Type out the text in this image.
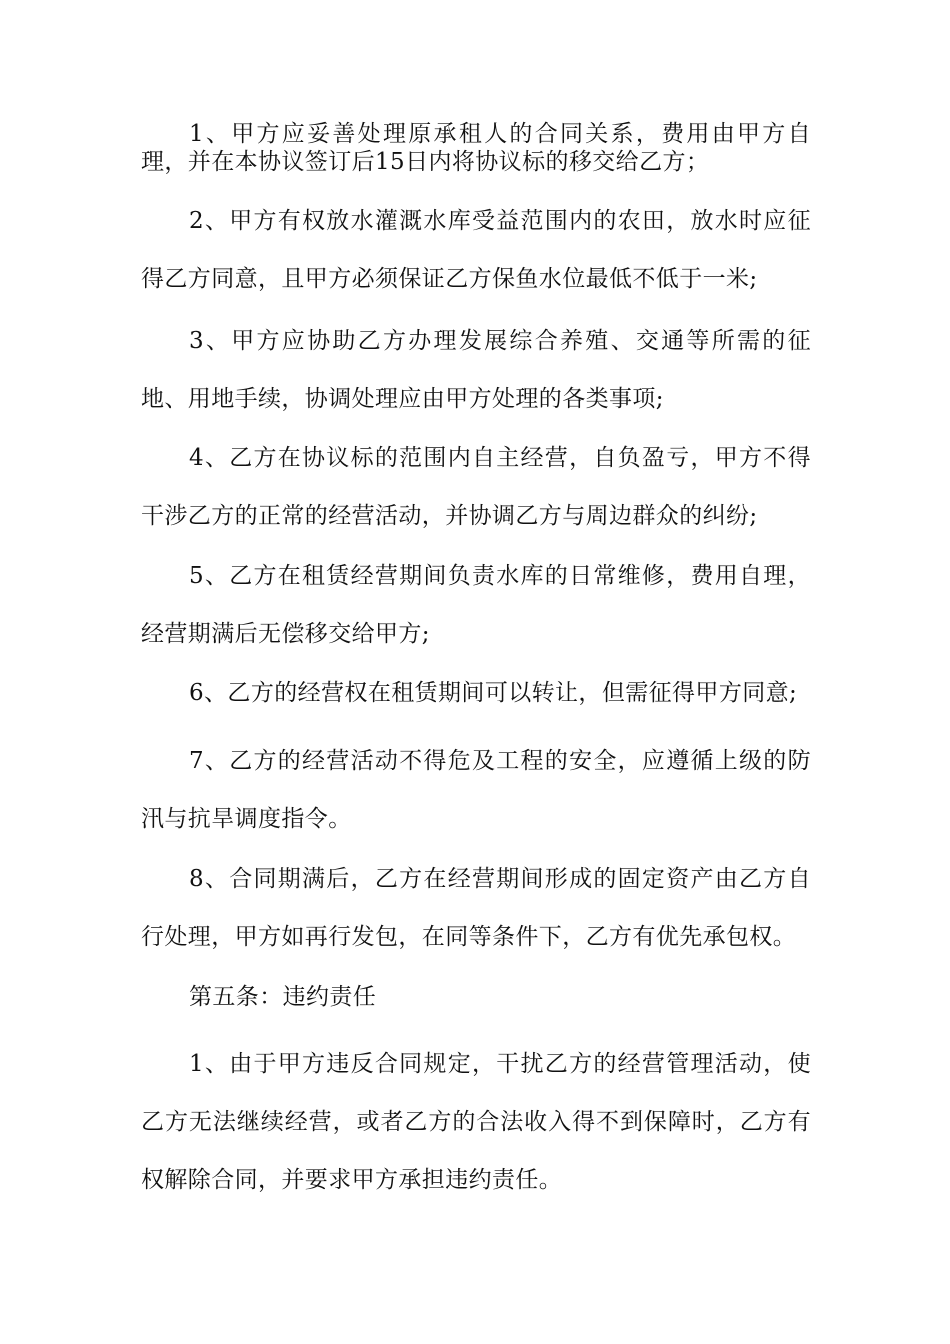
1、甲方应妥善处理原承租人的合同关系，费用由甲方自理，并在本协议签订后15日内将协议标的移交给乙方；

2、甲方有权放水灌溉水库受益范围内的农田，放水时应征得乙方同意，且甲方必须保证乙方保鱼水位最低不低于一米;

3、甲方应协助乙方办理发展综合养殖、交通等所需的征地、用地手续，协调处理应由甲方处理的各类事项;

4、乙方在协议标的范围内自主经营，自负盈亏，甲方不得干涉乙方的正常的经营活动，并协调乙方与周边群众的纠纷;

5、乙方在租赁经营期间负责水库的日常维修，费用自理，经营期满后无偿移交给甲方;

6、乙方的经营权在租赁期间可以转让，但需征得甲方同意;

7、乙方的经营活动不得危及工程的安全，应遵循上级的防汛与抗旱调度指令。

8、合同期满后，乙方在经营期间形成的固定资产由乙方自行处理，甲方如再行发包，在同等条件下，乙方有优先承包权。

第五条：违约责任

1、由于甲方违反合同规定，干扰乙方的经营管理活动，使乙方无法继续经营，或者乙方的合法收入得不到保障时，乙方有权解除合同，并要求甲方承担违约责任。
